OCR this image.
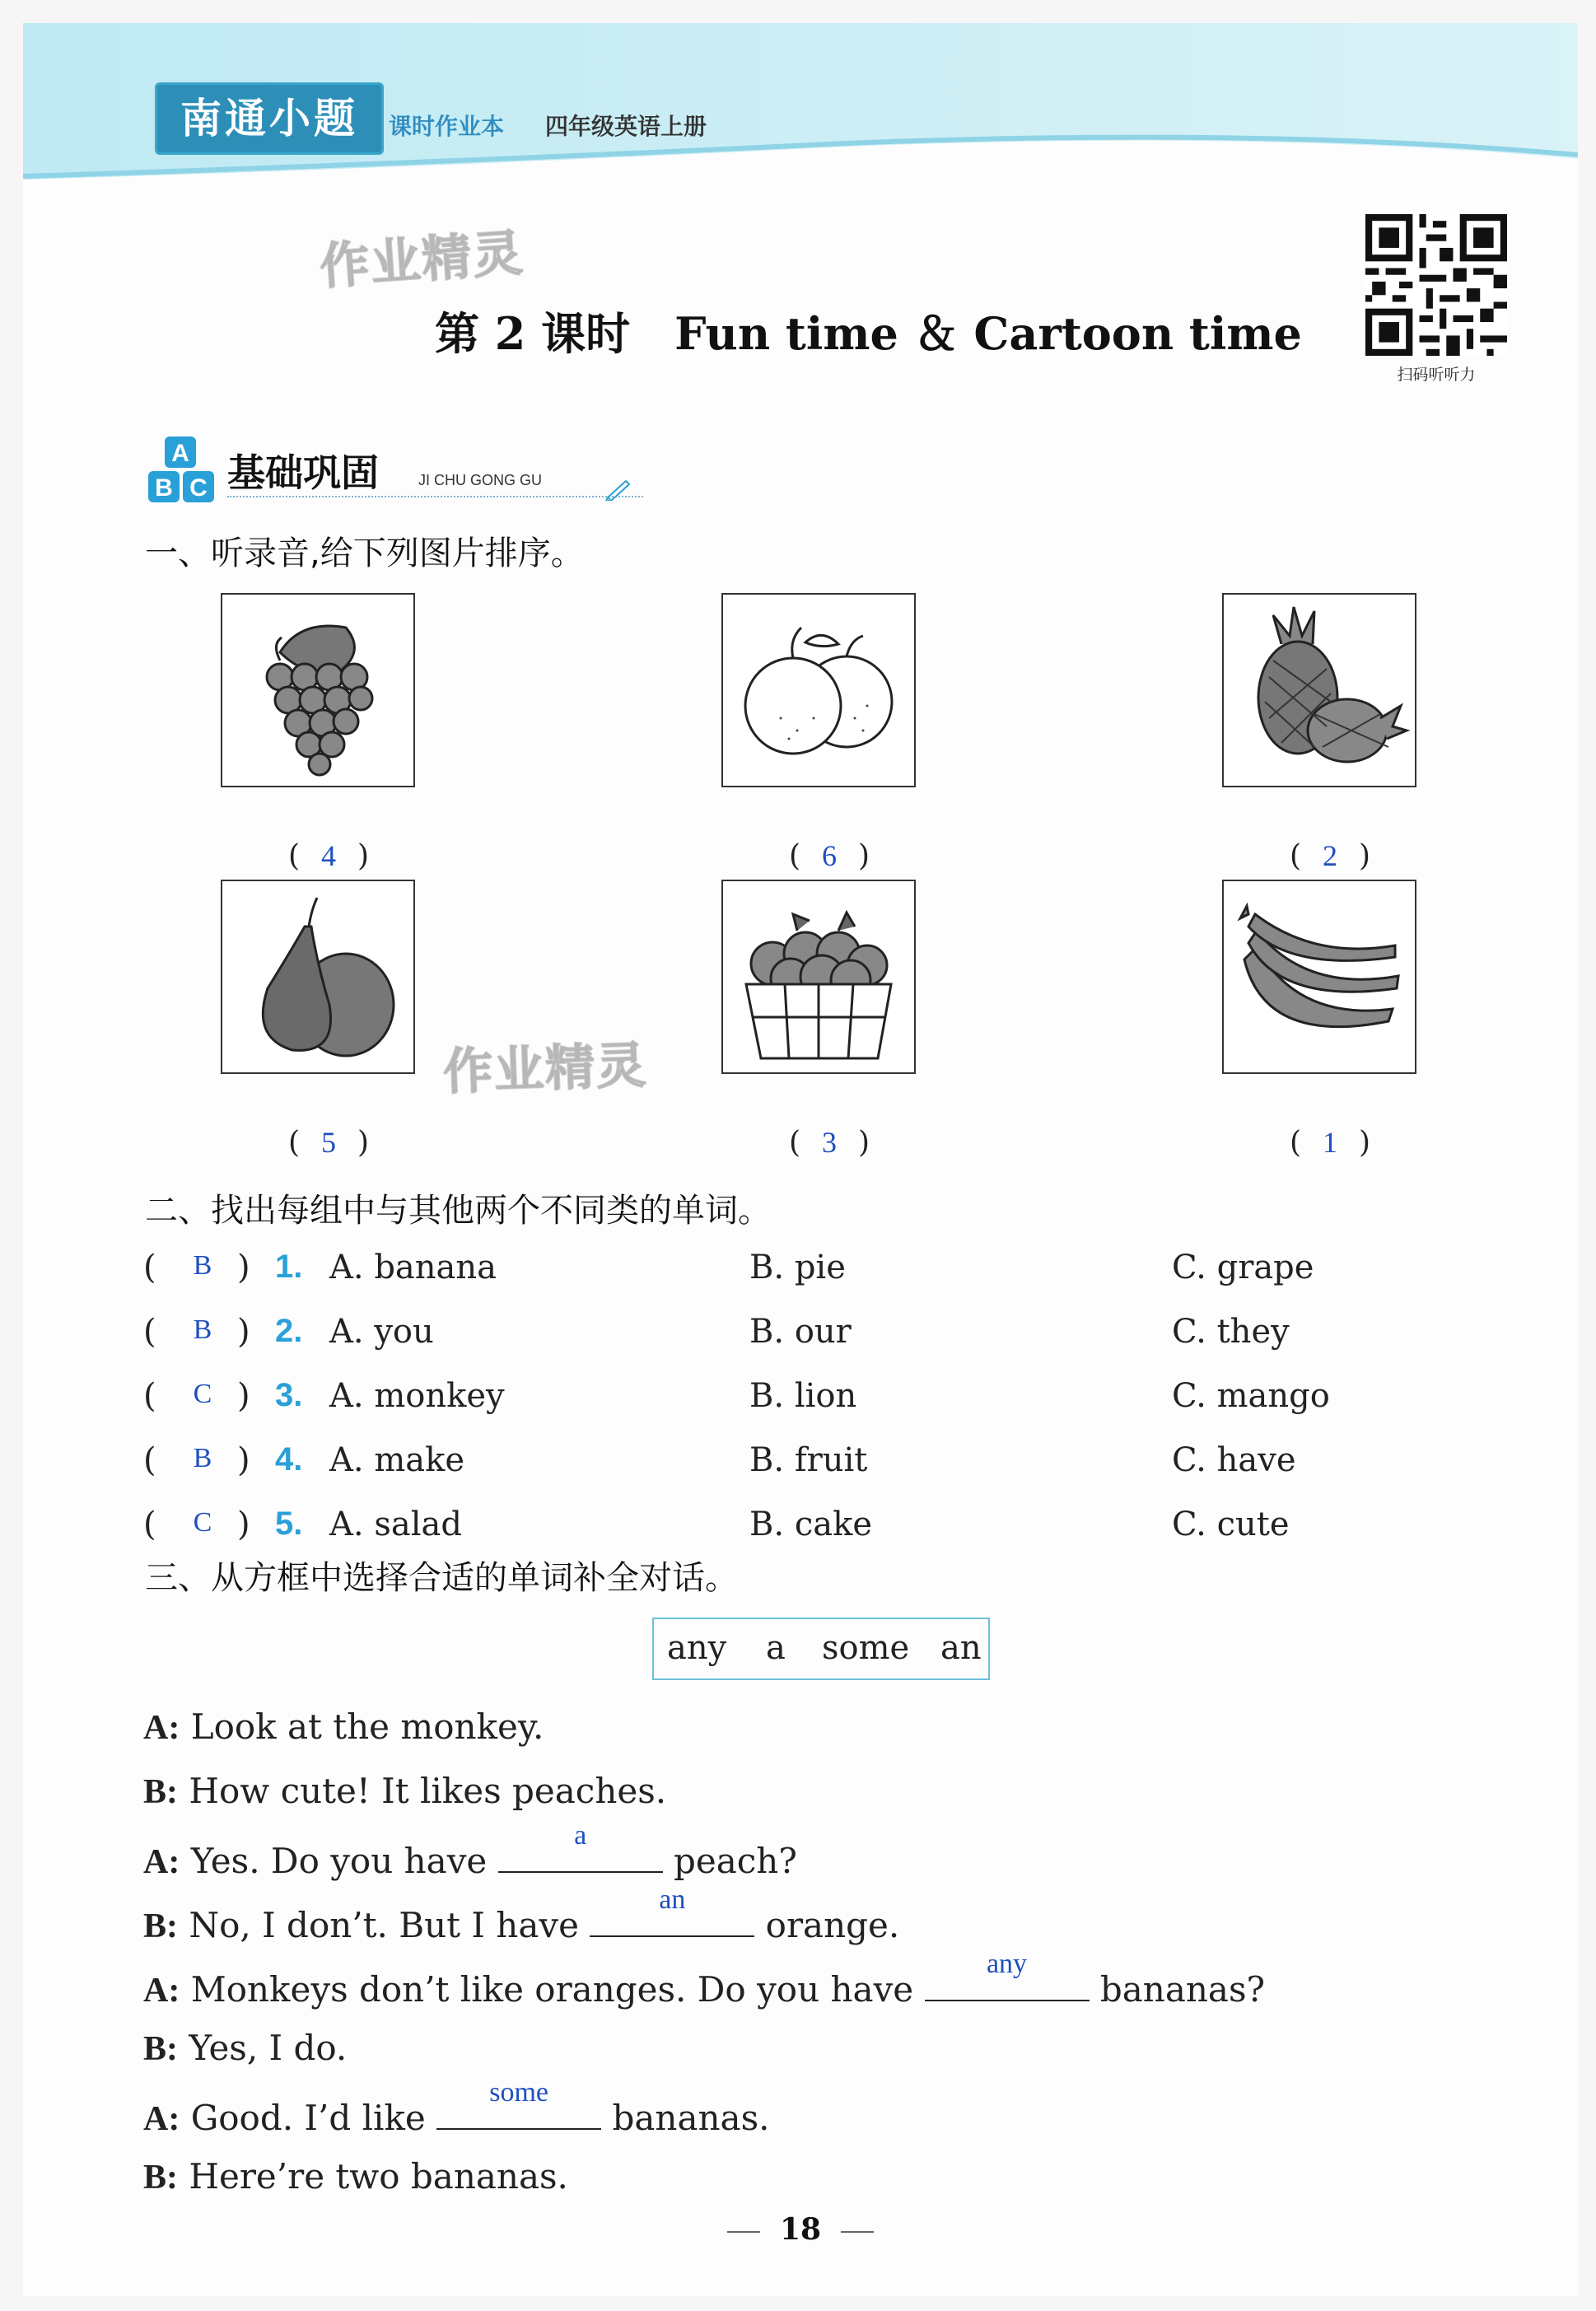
南通小题	课时作业本 四年级英语上册
作业精灵
第 2 课时　Fun time ＆ Cartoon time
扫码听听力
A
B C 基础巩固	JI CHU GONG GU
一、听录音,给下列图片排序。
( 4 )	( 6 )	( 2 )
作业精灵
( 5 )	( 3 )	( 1 )
二、找出每组中与其他两个不同类的单词。
( B ) 1. A. banana	B. pie	C. grape
( B ) 2. A. you	B. our	C. they
( C ) 3. A. monkey	B. lion	C. mango
( B ) 4. A. make	B. fruit	C. have
( C ) 5. A. salad	B. cake	C. cute
三、从方框中选择合适的单词补全对话。
any a some an
A: Look at the monkey.
B: How cute! It likes peaches.
A: Yes. Do you have
a
peach?
B: No, I don’t. But I have
an
orange.
A: Monkeys don’t like oranges. Do you have
any
bananas?
B: Yes, I do.
A: Good. I’d like
some
bananas.
B: Here’re two bananas.
18
